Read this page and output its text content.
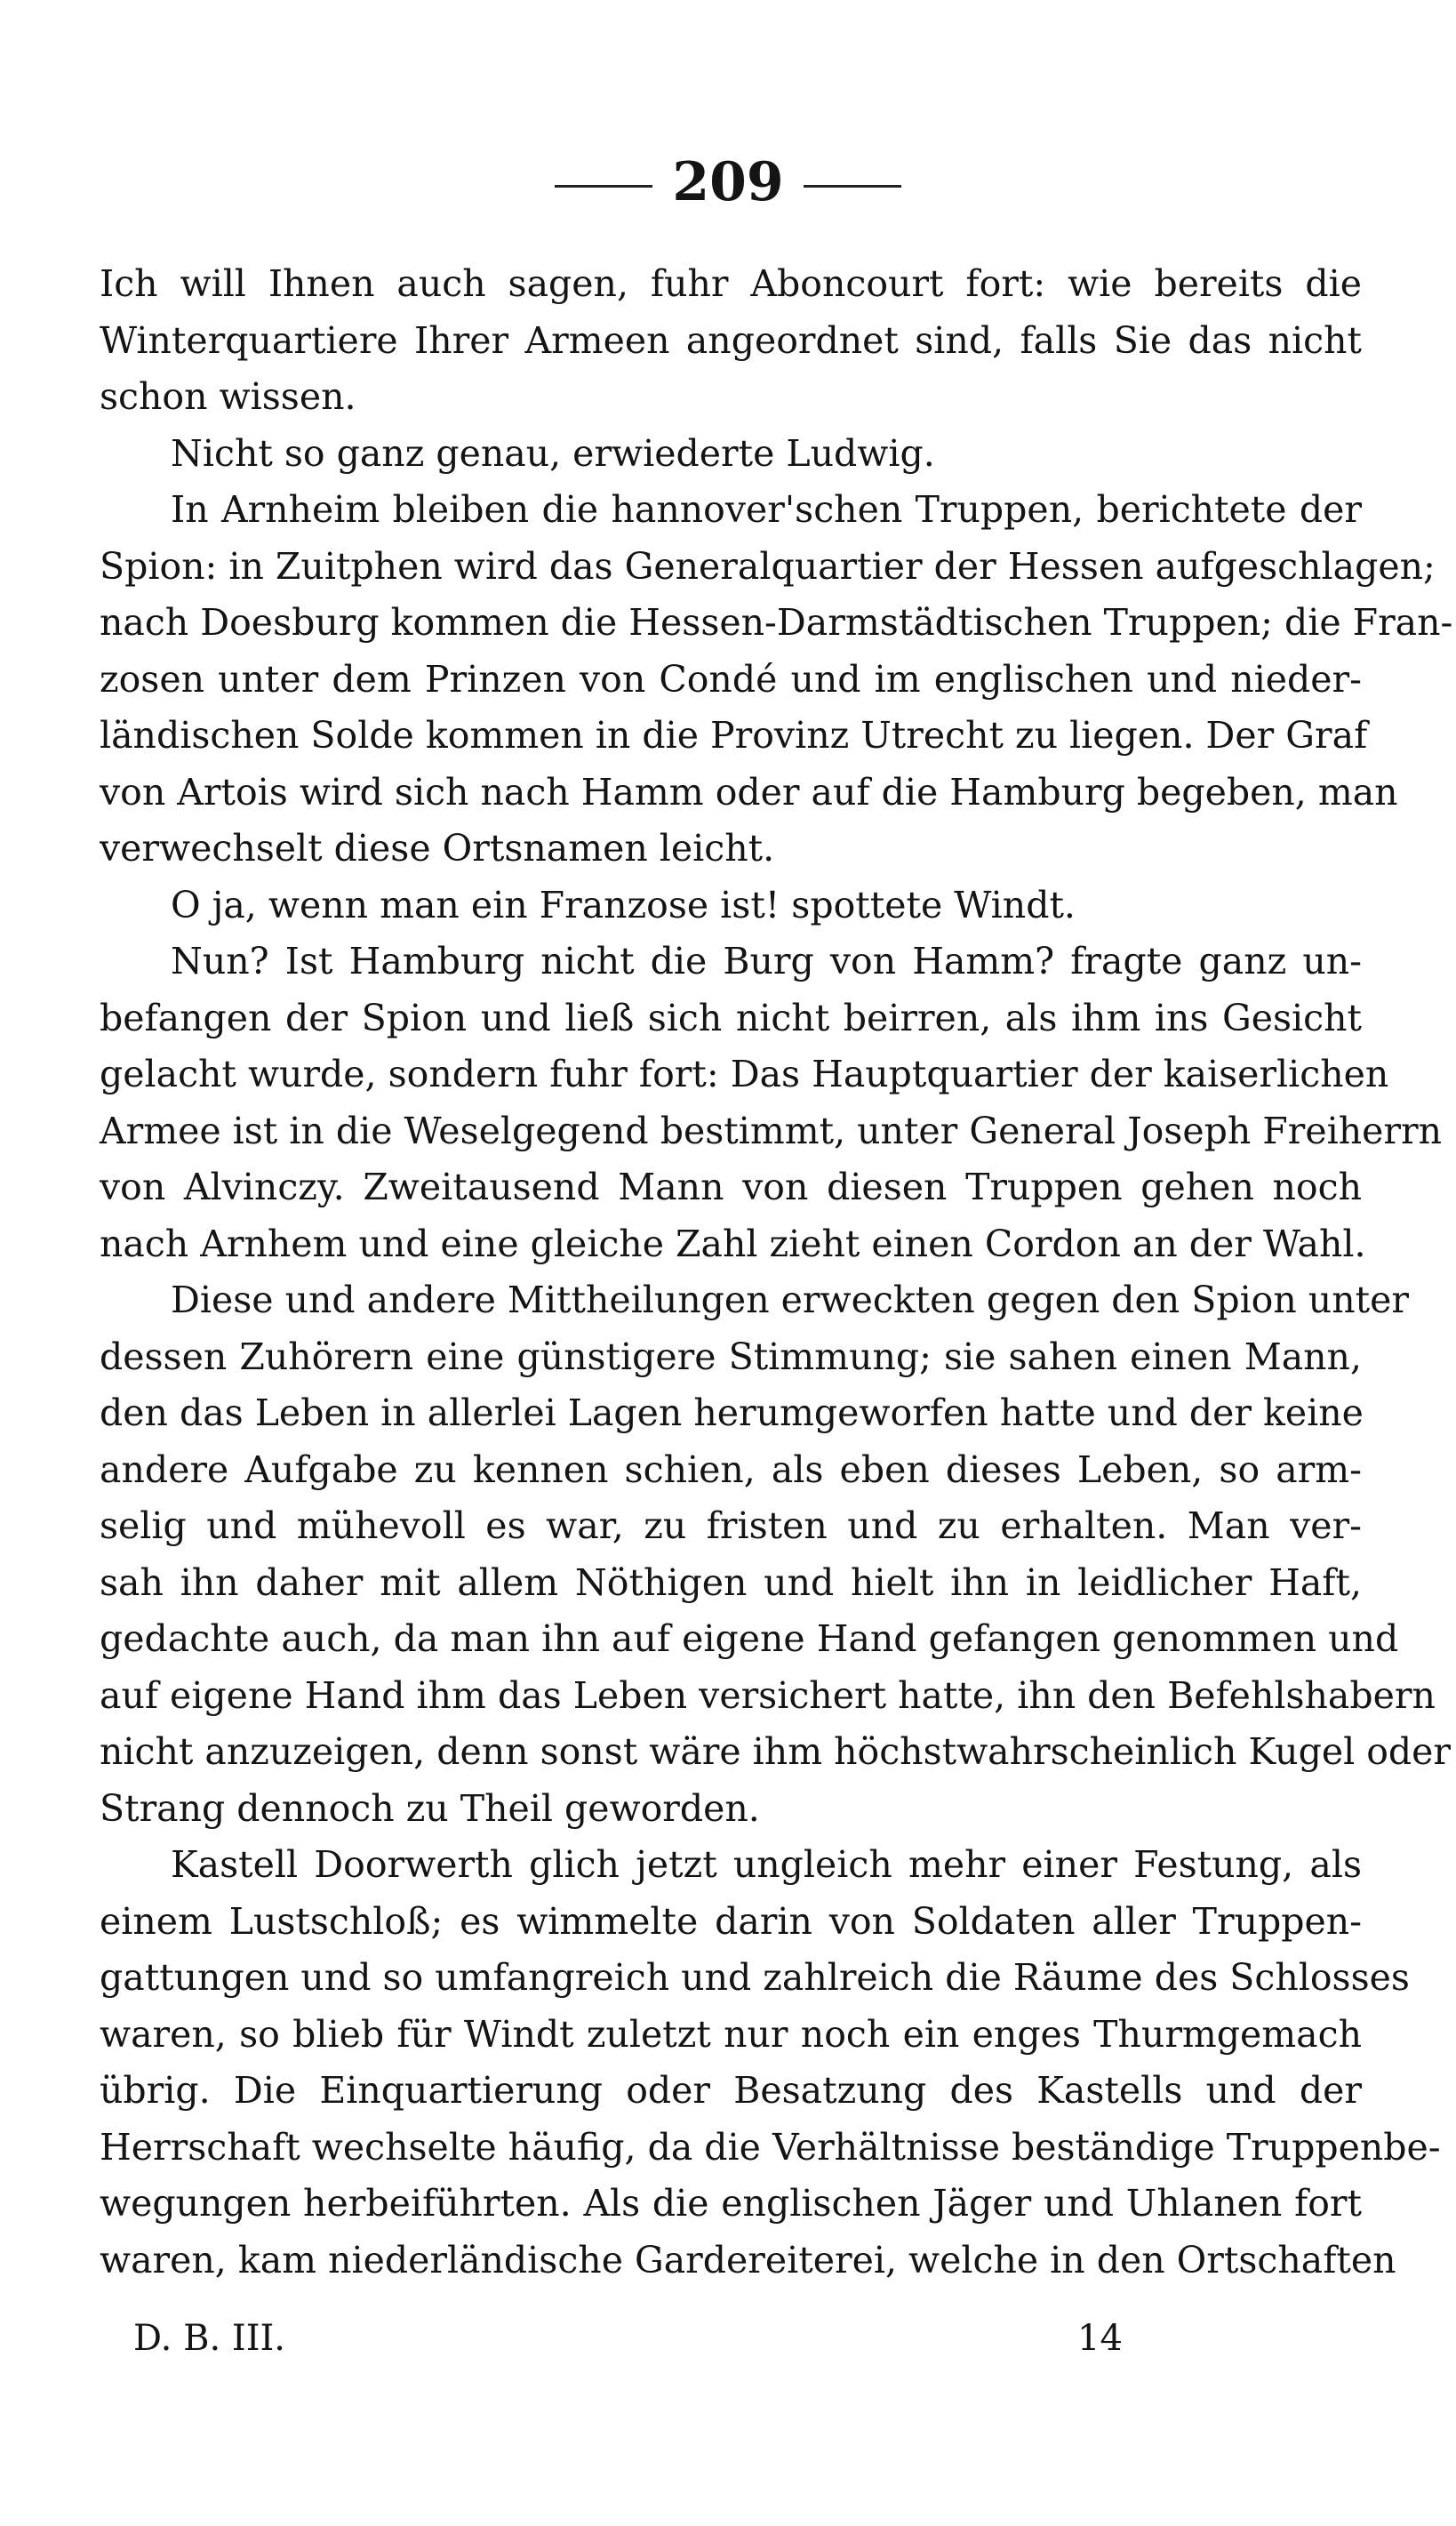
209
Ich will Ihnen auch sagen, fuhr Aboncourt fort: wie bereits die
Winterquartiere Ihrer Armeen angeordnet sind, falls Sie das nicht
schon wissen.
Nicht so ganz genau, erwiederte Ludwig.
In Arnheim bleiben die hannover'schen Truppen, berichtete der
Spion: in Zuitphen wird das Generalquartier der Hessen aufgeschlagen;
nach Doesburg kommen die Hessen-Darmstädtischen Truppen; die Fran-
zosen unter dem Prinzen von Condé und im englischen und nieder-
ländischen Solde kommen in die Provinz Utrecht zu liegen. Der Graf
von Artois wird sich nach Hamm oder auf die Hamburg begeben, man
verwechselt diese Ortsnamen leicht.
O ja, wenn man ein Franzose ist! spottete Windt.
Nun? Ist Hamburg nicht die Burg von Hamm? fragte ganz un-
befangen der Spion und ließ sich nicht beirren, als ihm ins Gesicht
gelacht wurde, sondern fuhr fort: Das Hauptquartier der kaiserlichen
Armee ist in die Weselgegend bestimmt, unter General Joseph Freiherrn
von Alvinczy. Zweitausend Mann von diesen Truppen gehen noch
nach Arnhem und eine gleiche Zahl zieht einen Cordon an der Wahl.
Diese und andere Mittheilungen erweckten gegen den Spion unter
dessen Zuhörern eine günstigere Stimmung; sie sahen einen Mann,
den das Leben in allerlei Lagen herumgeworfen hatte und der keine
andere Aufgabe zu kennen schien, als eben dieses Leben, so arm-
selig und mühevoll es war, zu fristen und zu erhalten. Man ver-
sah ihn daher mit allem Nöthigen und hielt ihn in leidlicher Haft,
gedachte auch, da man ihn auf eigene Hand gefangen genommen und
auf eigene Hand ihm das Leben versichert hatte, ihn den Befehlshabern
nicht anzuzeigen, denn sonst wäre ihm höchstwahrscheinlich Kugel oder
Strang dennoch zu Theil geworden.
Kastell Doorwerth glich jetzt ungleich mehr einer Festung, als
einem Lustschloß; es wimmelte darin von Soldaten aller Truppen-
gattungen und so umfangreich und zahlreich die Räume des Schlosses
waren, so blieb für Windt zuletzt nur noch ein enges Thurmgemach
übrig. Die Einquartierung oder Besatzung des Kastells und der
Herrschaft wechselte häufig, da die Verhältnisse beständige Truppenbe-
wegungen herbeiführten. Als die englischen Jäger und Uhlanen fort
waren, kam niederländische Gardereiterei, welche in den Ortschaften
D. B. III.	14
